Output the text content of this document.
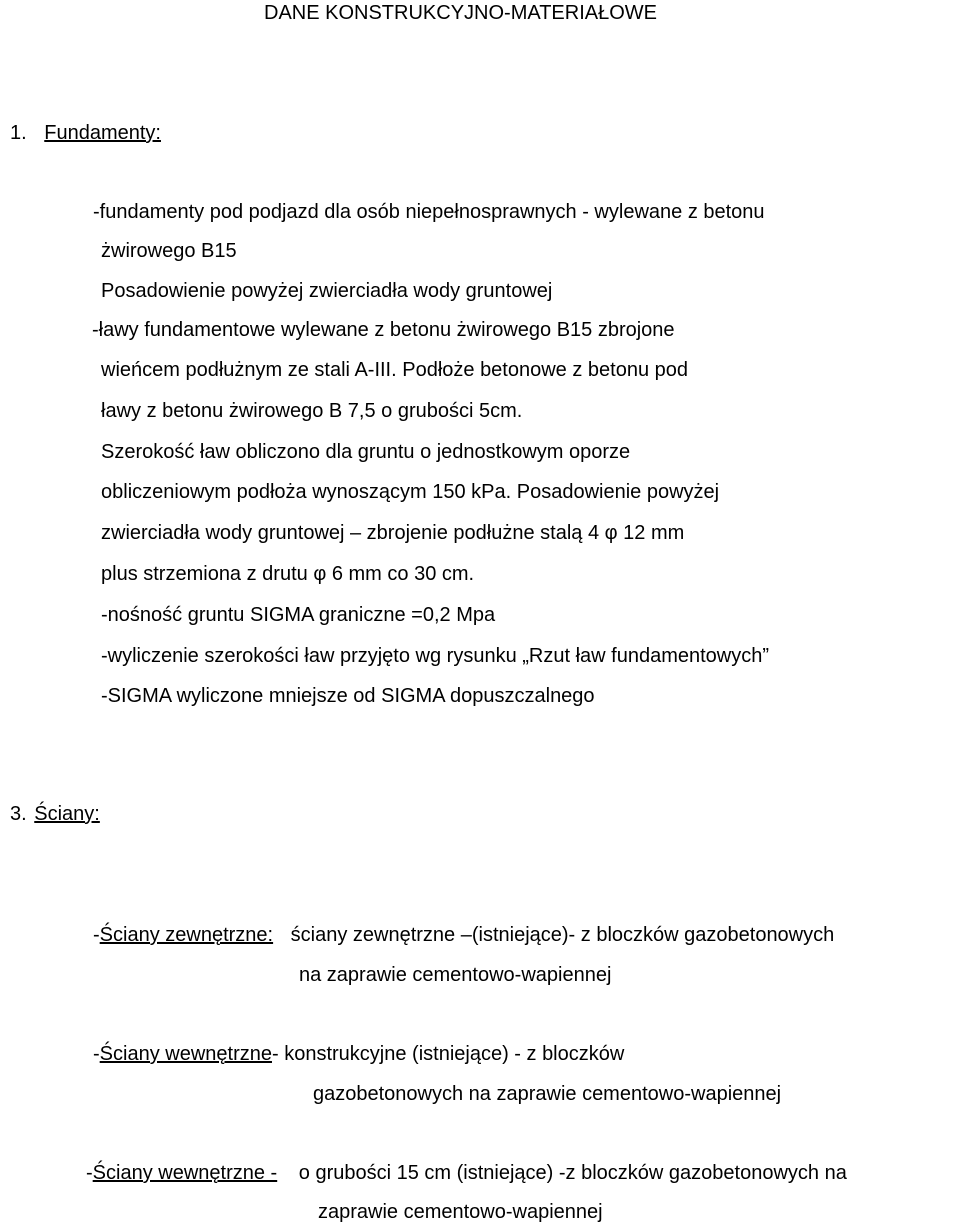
DANE KONSTRUKCYJNO-MATERIAŁOWE
1. Fundamenty:
-fundamenty pod podjazd dla osób niepełnosprawnych - wylewane z betonu
żwirowego B15
Posadowienie powyżej zwierciadła wody gruntowej
-ławy fundamentowe wylewane z betonu żwirowego B15 zbrojone
wieńcem podłużnym ze stali A-III. Podłoże betonowe z betonu pod
ławy z betonu żwirowego B 7,5 o grubości 5cm.
Szerokość ław obliczono dla gruntu o jednostkowym oporze
obliczeniowym podłoża wynoszącym 150 kPa. Posadowienie powyżej
zwierciadła wody gruntowej – zbrojenie podłużne stalą 4 φ 12 mm
plus strzemiona z drutu φ 6 mm co 30 cm.
-nośność gruntu SIGMA graniczne =0,2 Mpa
-wyliczenie szerokości ław przyjęto wg rysunku „Rzut ław fundamentowych”
-SIGMA wyliczone mniejsze od SIGMA dopuszczalnego
3. Ściany:
-Ściany zewnętrzne: ściany zewnętrzne –(istniejące)- z bloczków gazobetonowych
na zaprawie cementowo-wapiennej
-Ściany wewnętrzne- konstrukcyjne (istniejące) - z bloczków
gazobetonowych na zaprawie cementowo-wapiennej
-Ściany wewnętrzne - o grubości 15 cm (istniejące) -z bloczków gazobetonowych na
zaprawie cementowo-wapiennej
